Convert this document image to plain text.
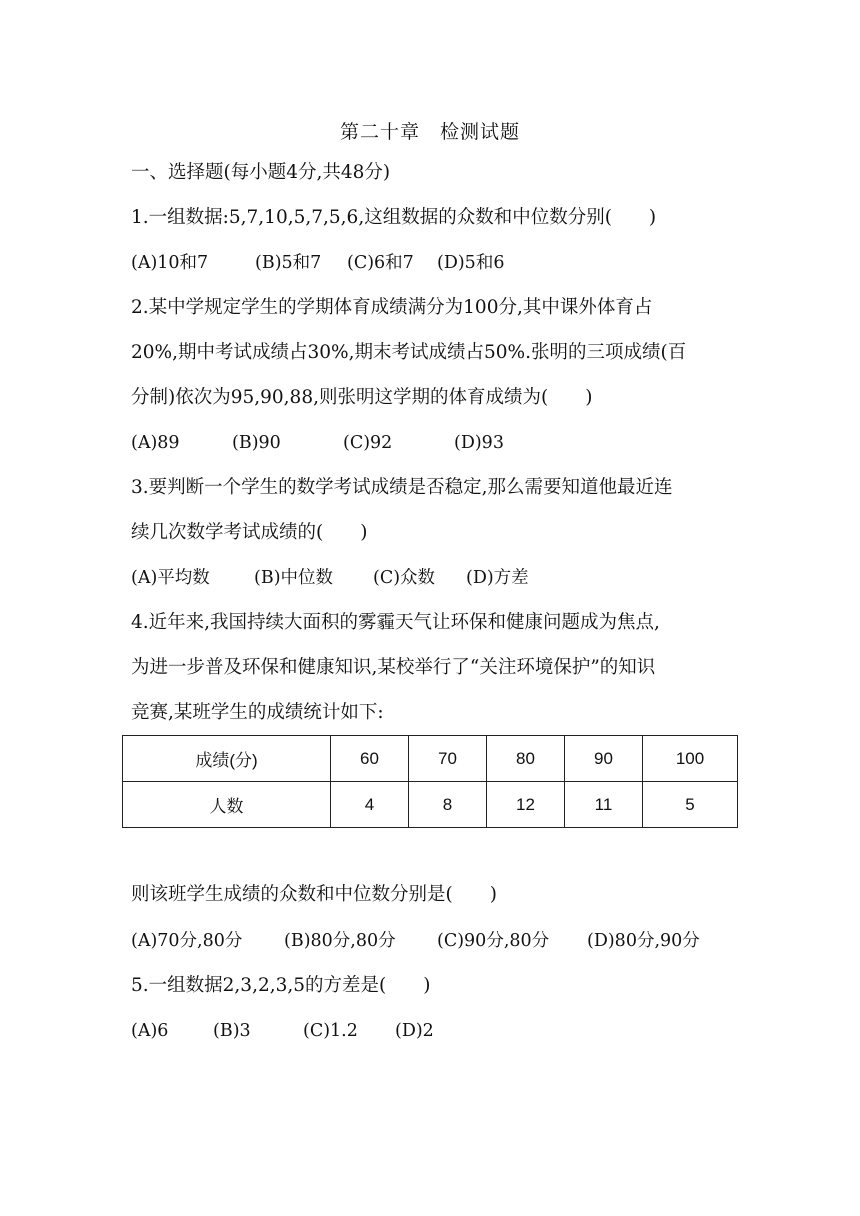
第二十章　检测试题
一、选择题(每小题4分,共48分)
1.一组数据:5,7,10,5,7,5,6,这组数据的众数和中位数分别(　　)
(A)10和7	(B)5和7 (C)6和7 (D)5和6
2.某中学规定学生的学期体育成绩满分为100分,其中课外体育占
20%,期中考试成绩占30%,期末考试成绩占50%.张明的三项成绩(百
分制)依次为95,90,88,则张明这学期的体育成绩为(　　)
(A)89	(B)90	(C)92	(D)93
3.要判断一个学生的数学考试成绩是否稳定,那么需要知道他最近连
续几次数学考试成绩的(　　)
(A)平均数	(B)中位数 (C)众数 (D)方差
4.近年来,我国持续大面积的雾霾天气让环保和健康问题成为焦点,
为进一步普及环保和健康知识,某校举行了“关注环境保护”的知识
竞赛,某班学生的成绩统计如下:
成绩(分)	60	70	80	90	100
人数	4	8	12	11	5
则该班学生成绩的众数和中位数分别是(　　)
(A)70分,80分 (B)80分,80分 (C)90分,80分 (D)80分,90分
5.一组数据2,3,2,3,5的方差是(　　)
(A)6	(B)3	(C)1.2 (D)2
